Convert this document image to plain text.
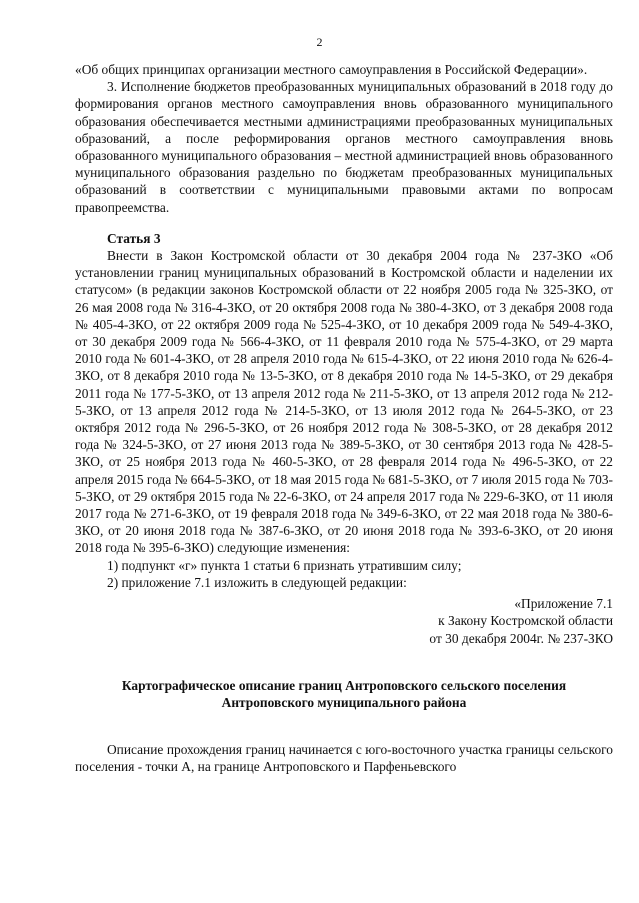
2

«Об общих принципах организации местного самоуправления в Российской Федерации».

3. Исполнение бюджетов преобразованных муниципальных образований в 2018 году до формирования органов местного самоуправления вновь образованного муниципального образования обеспечивается местными администрациями преобразованных муниципальных образований, а после реформирования органов местного самоуправления вновь образованного муниципального образования – местной администрацией вновь образованного муниципального образования раздельно по бюджетам преобразованных муниципальных образований в соответствии с муниципальными правовыми актами по вопросам правопреемства.

Статья 3

Внести в Закон Костромской области от 30 декабря 2004 года № 237-ЗКО «Об установлении границ муниципальных образований в Костромской области и наделении их статусом» (в редакции законов Костромской области от 22 ноября 2005 года № 325-ЗКО, от 26 мая 2008 года № 316-4-ЗКО, от 20 октября 2008 года № 380-4-ЗКО, от 3 декабря 2008 года № 405-4-ЗКО, от 22 октября 2009 года № 525-4-ЗКО, от 10 декабря 2009 года № 549-4-ЗКО, от 30 декабря 2009 года № 566-4-ЗКО, от 11 февраля 2010 года № 575-4-ЗКО, от 29 марта 2010 года № 601-4-ЗКО, от 28 апреля 2010 года № 615-4-ЗКО, от 22 июня 2010 года № 626-4-ЗКО, от 8 декабря 2010 года № 13-5-ЗКО, от 8 декабря 2010 года № 14-5-ЗКО, от 29 декабря 2011 года № 177-5-ЗКО, от 13 апреля 2012 года № 211-5-ЗКО, от 13 апреля 2012 года № 212-5-ЗКО, от 13 апреля 2012 года № 214-5-ЗКО, от 13 июля 2012 года № 264-5-ЗКО, от 23 октября 2012 года № 296-5-ЗКО, от 26 ноября 2012 года № 308-5-ЗКО, от 28 декабря 2012 года № 324-5-ЗКО, от 27 июня 2013 года № 389-5-ЗКО, от 30 сентября 2013 года № 428-5-ЗКО, от 25 ноября 2013 года № 460-5-ЗКО, от 28 февраля 2014 года № 496-5-ЗКО, от 22 апреля 2015 года № 664-5-ЗКО, от 18 мая 2015 года № 681-5-ЗКО, от 7 июля 2015 года № 703-5-ЗКО, от 29 октября 2015 года № 22-6-ЗКО, от 24 апреля 2017 года № 229-6-ЗКО, от 11 июля 2017 года № 271-6-ЗКО, от 19 февраля 2018 года № 349-6-ЗКО, от 22 мая 2018 года № 380-6-ЗКО, от 20 июня 2018 года № 387-6-ЗКО, от 20 июня 2018 года № 393-6-ЗКО, от 20 июня 2018 года № 395-6-ЗКО) следующие изменения:

1) подпункт «г» пункта 1 статьи 6 признать утратившим силу;

2) приложение 7.1 изложить в следующей редакции:

«Приложение 7.1

к Закону Костромской области

от 30 декабря 2004г. № 237-ЗКО

Картографическое описание границ Антроповского сельского поселения

Антроповского муниципального района

Описание прохождения границ начинается с юго-восточного участка границы сельского поселения - точки А, на границе Антроповского и Парфеньевского
